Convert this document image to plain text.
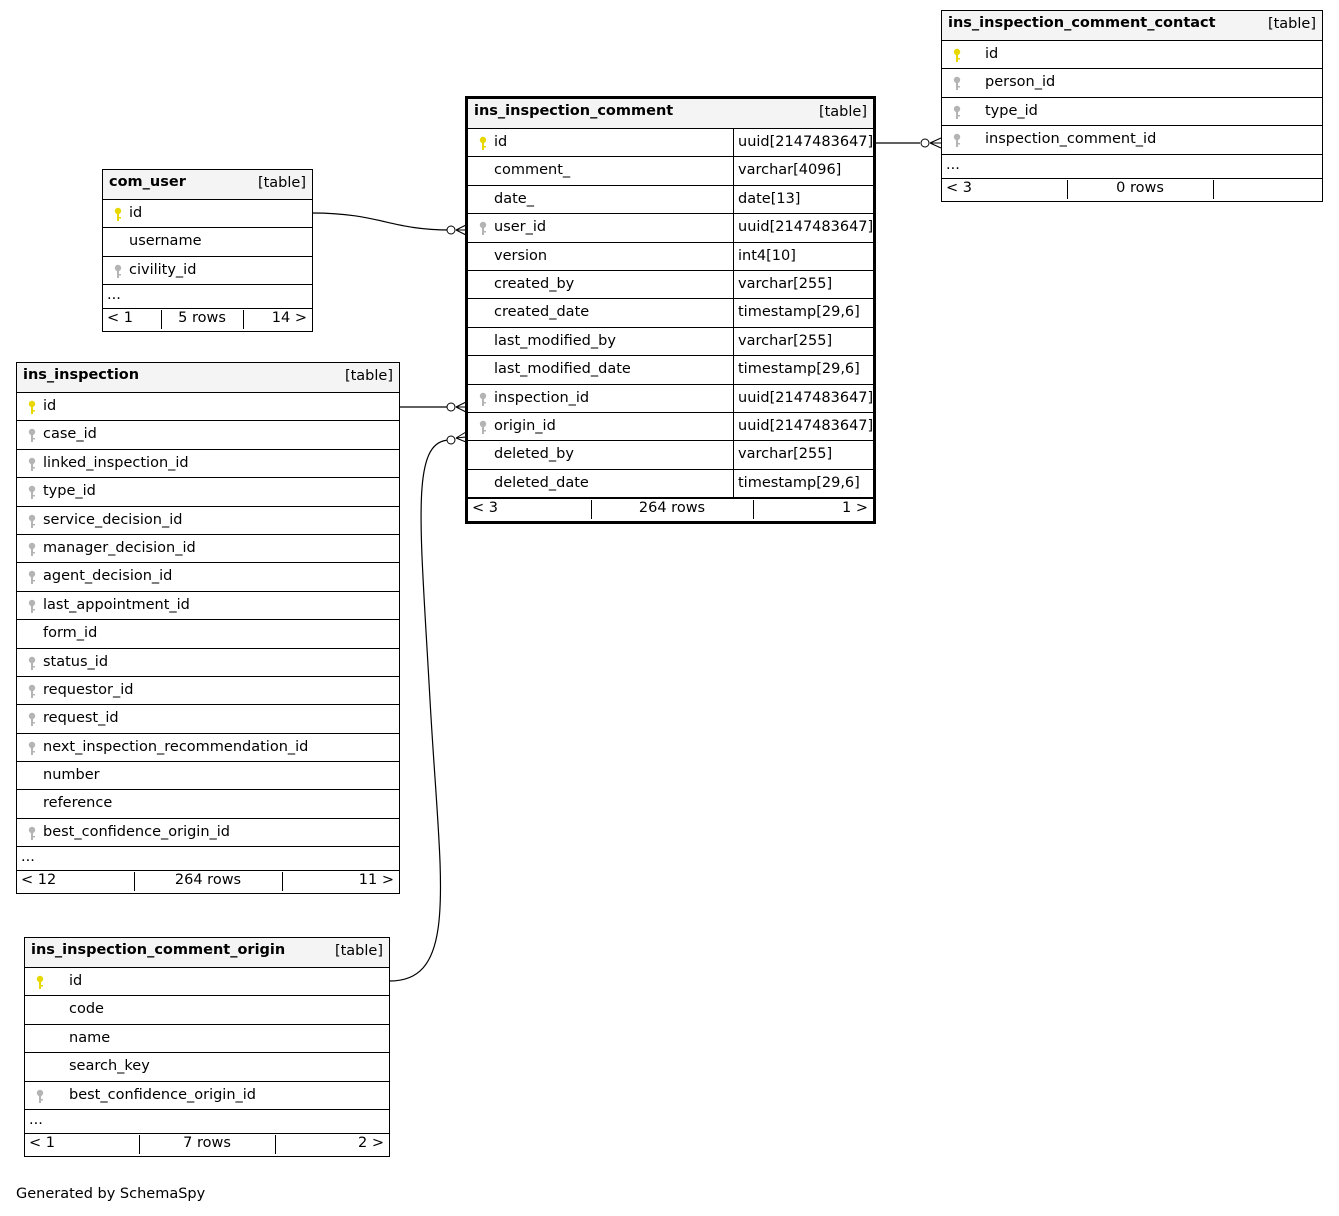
com_user	[table]
id
username
civility_id
...
< 1	5 rows	14 >
ins_inspection	[table]
id
case_id
linked_inspection_id
type_id
service_decision_id
manager_decision_id
agent_decision_id
last_appointment_id
form_id
status_id
requestor_id
request_id
next_inspection_recommendation_id
number
reference
best_confidence_origin_id
...
< 12	264 rows	11 >
ins_inspection_comment	[table]
id	uuid[2147483647]
comment_	varchar[4096]
date_	date[13]
user_id	uuid[2147483647]
version	int4[10]
created_by	varchar[255]
created_date	timestamp[29,6]
last_modified_by	varchar[255]
last_modified_date	timestamp[29,6]
inspection_id	uuid[2147483647]
origin_id	uuid[2147483647]
deleted_by	varchar[255]
deleted_date	timestamp[29,6]
< 3	264 rows	1 >
ins_inspection_comment_contact	[table]
id
person_id
type_id
inspection_comment_id
...
< 3	0 rows
ins_inspection_comment_origin	[table]
id
code
name
search_key
best_confidence_origin_id
...
< 1	7 rows	2 >
Generated by SchemaSpy
